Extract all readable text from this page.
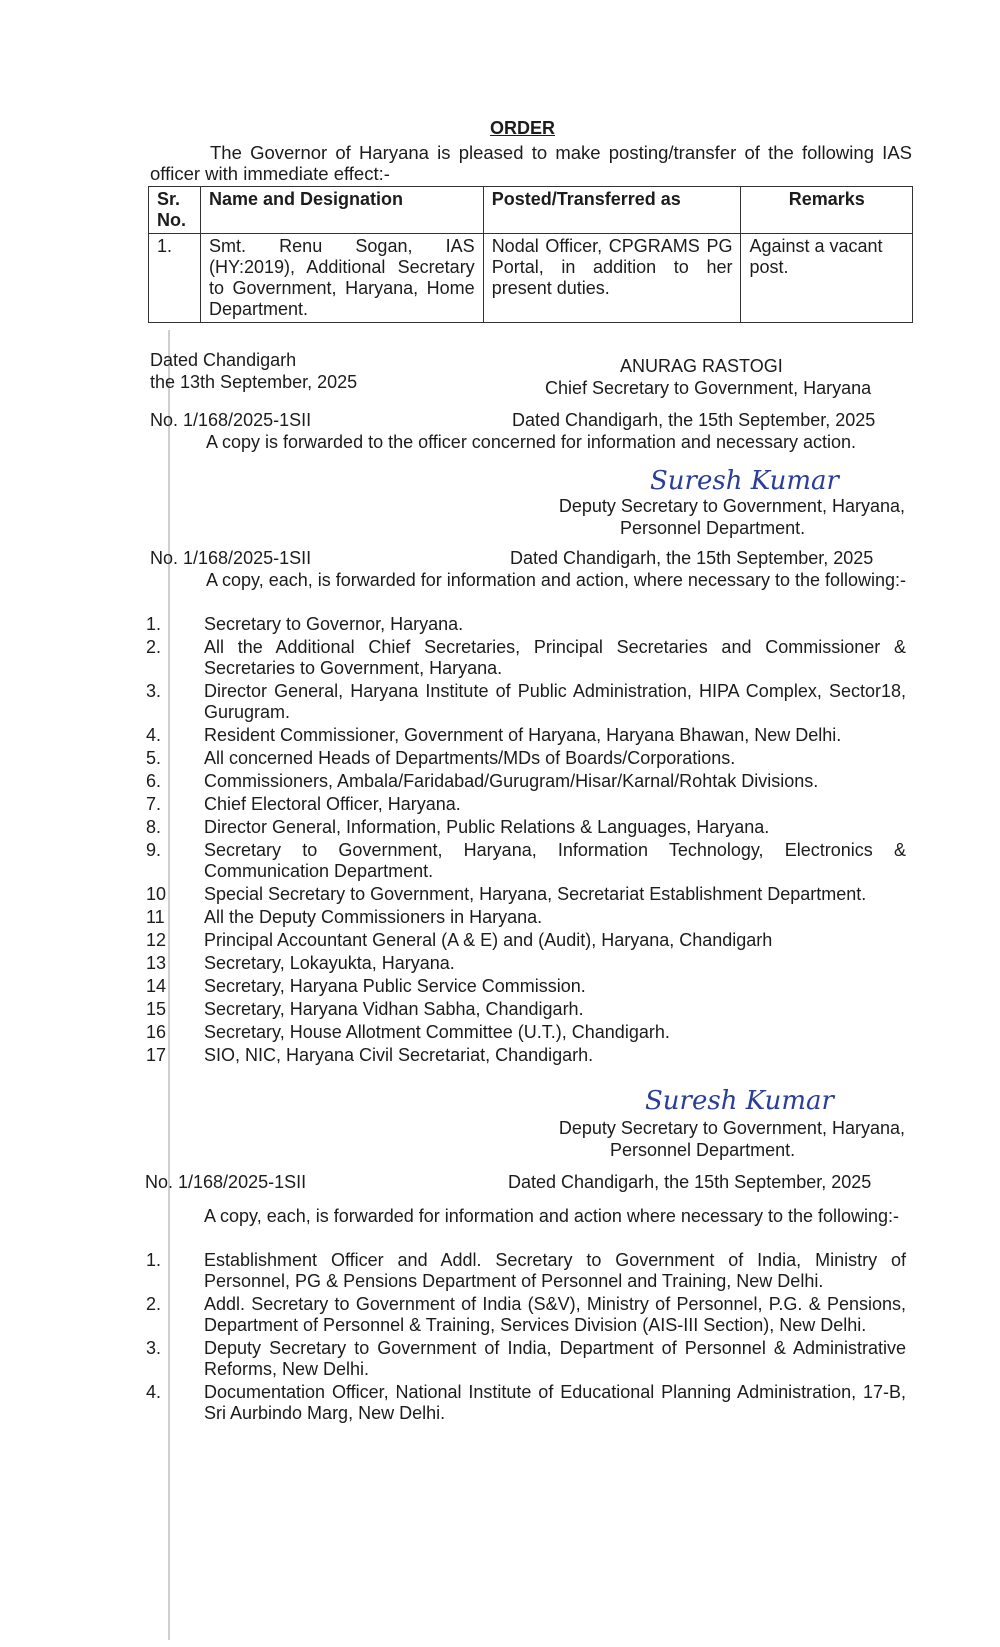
ORDER
The Governor of Haryana is pleased to make posting/transfer of the following IAS officer with immediate effect:-
Sr. No.	Name and Designation	Posted/Transferred as	Remarks
1.	Smt. Renu Sogan, IAS (HY:2019), Additional Secretary to Government, Haryana, Home Department.	Nodal Officer, CPGRAMS PG Portal, in addition to her present duties.	Against a vacant post.
Dated Chandigarh
the 13th September, 2025
ANURAG RASTOGI
Chief Secretary to Government, Haryana
No. 1/168/2025-1SII	Dated Chandigarh, the 15th September, 2025
A copy is forwarded to the officer concerned for information and necessary action.
Suresh Kumar
Deputy Secretary to Government, Haryana,
Personnel Department.
No. 1/168/2025-1SII	Dated Chandigarh, the 15th September, 2025
A copy, each, is forwarded for information and action, where necessary to the following:-
1.	Secretary to Governor, Haryana.
2.	All the Additional Chief Secretaries, Principal Secretaries and Commissioner & Secretaries to Government, Haryana.
3.	Director General, Haryana Institute of Public Administration, HIPA Complex, Sector18, Gurugram.
4.	Resident Commissioner, Government of Haryana, Haryana Bhawan, New Delhi.
5.	All concerned Heads of Departments/MDs of Boards/Corporations.
6.	Commissioners, Ambala/Faridabad/Gurugram/Hisar/Karnal/Rohtak Divisions.
7.	Chief Electoral Officer, Haryana.
8.	Director General, Information, Public Relations & Languages, Haryana.
9.	Secretary to Government, Haryana, Information Technology, Electronics & Communication Department.
10	Special Secretary to Government, Haryana, Secretariat Establishment Department.
11	All the Deputy Commissioners in Haryana.
12	Principal Accountant General (A & E) and (Audit), Haryana, Chandigarh
13	Secretary, Lokayukta, Haryana.
14	Secretary, Haryana Public Service Commission.
15	Secretary, Haryana Vidhan Sabha, Chandigarh.
16	Secretary, House Allotment Committee (U.T.), Chandigarh.
17	SIO, NIC, Haryana Civil Secretariat, Chandigarh.
Suresh Kumar
Deputy Secretary to Government, Haryana,
Personnel Department.
No. 1/168/2025-1SII	Dated Chandigarh, the 15th September, 2025
A copy, each, is forwarded for information and action where necessary to the following:-
1.	Establishment Officer and Addl. Secretary to Government of India, Ministry of Personnel, PG & Pensions Department of Personnel and Training, New Delhi.
2.	Addl. Secretary to Government of India (S&V), Ministry of Personnel, P.G. & Pensions, Department of Personnel & Training, Services Division (AIS-III Section), New Delhi.
3.	Deputy Secretary to Government of India, Department of Personnel & Administrative Reforms, New Delhi.
4.	Documentation Officer, National Institute of Educational Planning Administration, 17-B, Sri Aurbindo Marg, New Delhi.
